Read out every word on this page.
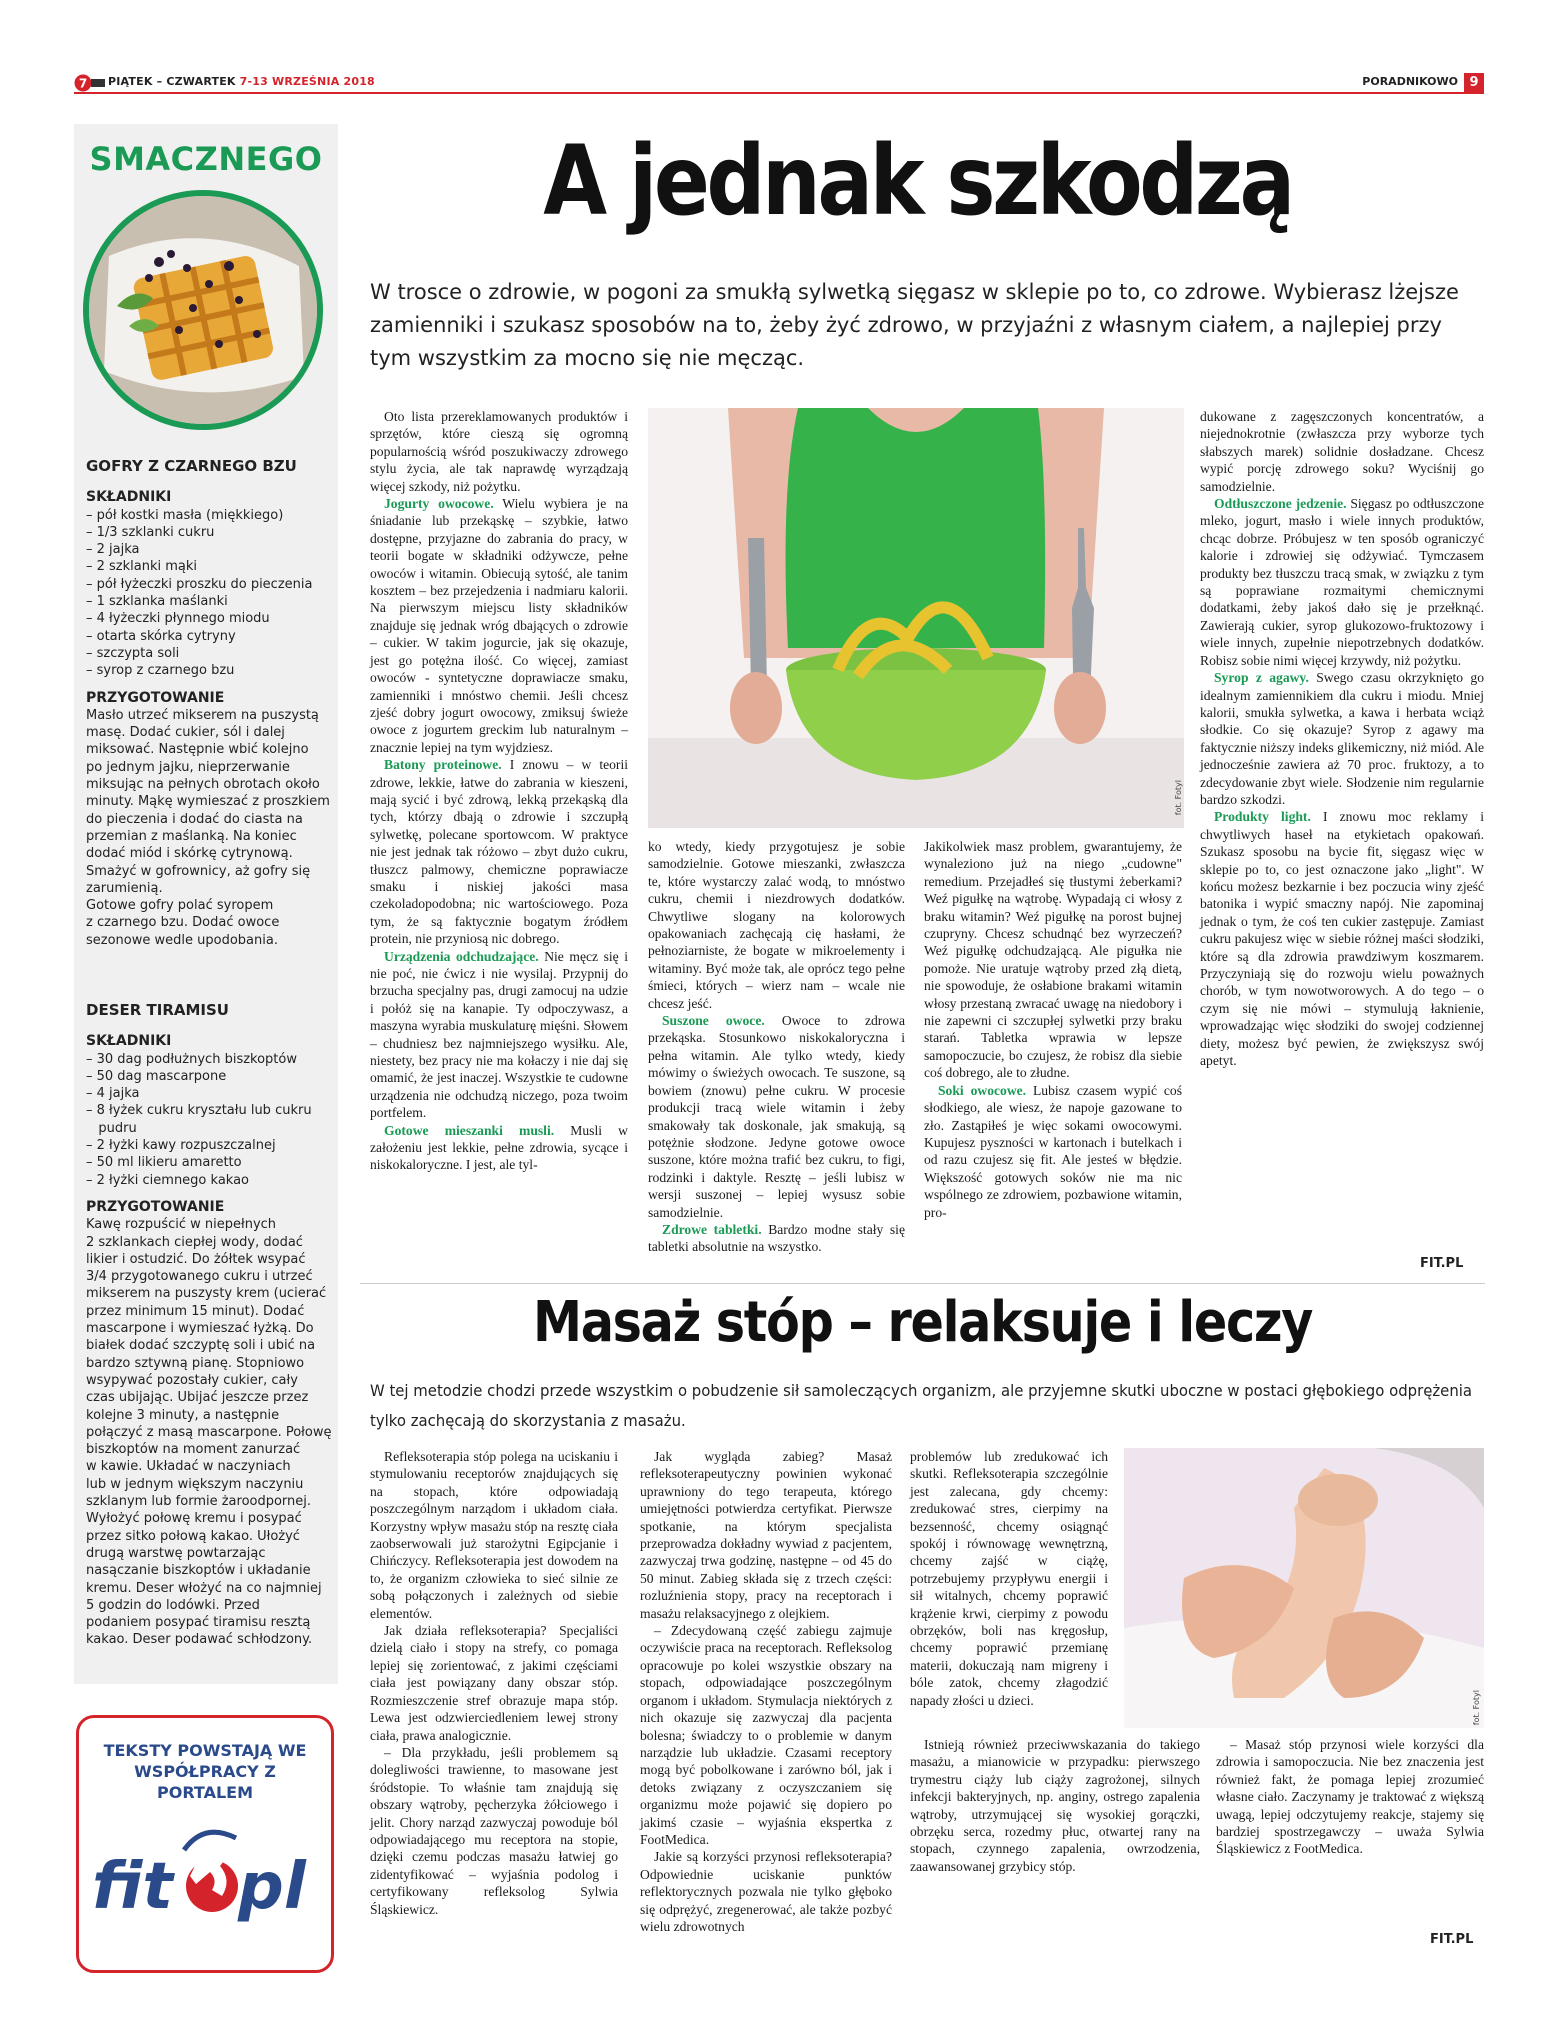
7 PIĄTEK – CZWARTEK 7-13 WRZEŚNIA 2018	PORADNIKOWO 9
SMACZNEGO
GOFRY Z CZARNEGO BZU
SKŁADNIKI

– pół kostki masła (miękkiego)

– 1/3 szklanki cukru

– 2 jajka

– 2 szklanki mąki

– pół łyżeczki proszku do pieczenia

– 1 szklanka maślanki

– 4 łyżeczki płynnego miodu

– otarta skórka cytryny

– szczypta soli

– syrop z czarnego bzu

PRZYGOTOWANIE

Masło utrzeć mikserem na puszystą

masę. Dodać cukier, sól i dalej

miksować. Następnie wbić kolejno

po jednym jajku, nieprzerwanie

miksując na pełnych obrotach około

minuty. Mąkę wymieszać z proszkiem

do pieczenia i dodać do ciasta na

przemian z maślanką. Na koniec

dodać miód i skórkę cytrynową.

Smażyć w gofrownicy, aż gofry się

zarumienią.

Gotowe gofry polać syropem

z czarnego bzu. Dodać owoce

sezonowe wedle upodobania.

DESER TIRAMISU
SKŁADNIKI

– 30 dag podłużnych biszkoptów

– 50 dag mascarpone

– 4 jajka

– 8 łyżek cukru kryształu lub cukru

pudru

– 2 łyżki kawy rozpuszczalnej

– 50 ml likieru amaretto

– 2 łyżki ciemnego kakao

PRZYGOTOWANIE

Kawę rozpuścić w niepełnych

2 szklankach ciepłej wody, dodać

likier i ostudzić. Do żółtek wsypać

3/4 przygotowanego cukru i utrzeć

mikserem na puszysty krem (ucierać

przez minimum 15 minut). Dodać

mascarpone i wymieszać łyżką. Do

białek dodać szczyptę soli i ubić na

bardzo sztywną pianę. Stopniowo

wsypywać pozostały cukier, cały

czas ubijając. Ubijać jeszcze przez

kolejne 3 minuty, a następnie

połączyć z masą mascarpone. Połowę

biszkoptów na moment zanurzać

w kawie. Układać w naczyniach

lub w jednym większym naczyniu

szklanym lub formie żaroodpornej.

Wyłożyć połowę kremu i posypać

przez sitko połową kakao. Ułożyć

drugą warstwę powtarzając

nasączanie biszkoptów i układanie

kremu. Deser włożyć na co najmniej

5 godzin do lodówki. Przed

podaniem posypać tiramisu resztą

kakao. Deser podawać schłodzony.

TEKSTY POWSTAJĄ WE
WSPÓŁPRACY Z PORTALEM
fit pl
A jednak szkodzą
W trosce o zdrowie, w pogoni za smukłą sylwetką sięgasz w sklepie po to, co zdrowe. Wybierasz lżejsze zamienniki i szukasz sposobów na to, żeby żyć zdrowo, w przyjaźni z własnym ciałem, a najlepiej przy tym wszystkim za mocno się nie męcząc.

Oto lista przereklamowanych produktów i sprzętów, które cieszą się ogromną popularnością wśród poszukiwaczy zdrowego stylu życia, ale tak naprawdę wyrządzają więcej szkody, niż pożytku.

Jogurty owocowe. Wielu wybiera je na śniadanie lub przekąskę – szybkie, łatwo dostępne, przyjazne do zabrania do pracy, w teorii bogate w składniki odżywcze, pełne owoców i witamin. Obiecują sytość, ale tanim kosztem – bez przejedzenia i nadmiaru kalorii. Na pierwszym miejscu listy składników znajduje się jednak wróg dbających o zdrowie – cukier. W takim jogurcie, jak się okazuje, jest go potężna ilość. Co więcej, zamiast owoców - syntetyczne doprawiacze smaku, zamienniki i mnóstwo chemii. Jeśli chcesz zjeść dobry jogurt owocowy, zmiksuj świeże owoce z jogurtem greckim lub naturalnym – znacznie lepiej na tym wyjdziesz.

Batony proteinowe. I znowu – w teorii zdrowe, lekkie, łatwe do zabrania w kieszeni, mają sycić i być zdrową, lekką przekąską dla tych, którzy dbają o zdrowie i szczupłą sylwetkę, polecane sportowcom. W praktyce nie jest jednak tak różowo – zbyt dużo cukru, tłuszcz palmowy, chemiczne poprawiacze smaku i niskiej jakości masa czekoladopodobna; nic wartościowego. Poza tym, że są faktycznie bogatym źródłem protein, nie przyniosą nic dobrego.

Urządzenia odchudzające. Nie męcz się i nie poć, nie ćwicz i nie wysilaj. Przypnij do brzucha specjalny pas, drugi zamocuj na udzie i połóż się na kanapie. Ty odpoczywasz, a maszyna wyrabia muskulaturę mięśni. Słowem – chudniesz bez najmniejszego wysiłku. Ale, niestety, bez pracy nie ma kołaczy i nie daj się omamić, że jest inaczej. Wszystkie te cudowne urządzenia nie odchudzą niczego, poza twoim portfelem.

Gotowe mieszanki musli. Musli w założeniu jest lekkie, pełne zdrowia, sycące i niskokaloryczne. I jest, ale tyl-

fot. Fotyl

ko wtedy, kiedy przygotujesz je sobie samodzielnie. Gotowe mieszanki, zwłaszcza te, które wystarczy zalać wodą, to mnóstwo cukru, chemii i niezdrowych dodatków. Chwytliwe slogany na kolorowych opakowaniach zachęcają cię hasłami, że pełnoziarniste, że bogate w mikroelementy i witaminy. Być może tak, ale oprócz tego pełne śmieci, których – wierz nam – wcale nie chcesz jeść.

Suszone owoce. Owoce to zdrowa przekąska. Stosunkowo niskokaloryczna i pełna witamin. Ale tylko wtedy, kiedy mówimy o świeżych owocach. Te suszone, są bowiem (znowu) pełne cukru. W procesie produkcji tracą wiele witamin i żeby smakowały tak doskonale, jak smakują, są potężnie słodzone. Jedyne gotowe owoce suszone, które można trafić bez cukru, to figi, rodzinki i daktyle. Resztę – jeśli lubisz w wersji suszonej – lepiej wysusz sobie samodzielnie.

Zdrowe tabletki. Bardzo modne stały się tabletki absolutnie na wszystko.

Jakikolwiek masz problem, gwarantujemy, że wynaleziono już na niego „cudowne" remedium. Przejadłeś się tłustymi żeberkami? Weź pigułkę na wątrobę. Wypadają ci włosy z braku witamin? Weź pigułkę na porost bujnej czupryny. Chcesz schudnąć bez wyrzeczeń? Weź pigułkę odchudzającą. Ale pigułka nie pomoże. Nie uratuje wątroby przed złą dietą, nie spowoduje, że osłabione brakami witamin włosy przestaną zwracać uwagę na niedobory i nie zapewni ci szczupłej sylwetki przy braku starań. Tabletka wprawia w lepsze samopoczucie, bo czujesz, że robisz dla siebie coś dobrego, ale to złudne.

Soki owocowe. Lubisz czasem wypić coś słodkiego, ale wiesz, że napoje gazowane to zło. Zastąpiłeś je więc sokami owocowymi. Kupujesz pyszności w kartonach i butelkach i od razu czujesz się fit. Ale jesteś w błędzie. Większość gotowych soków nie ma nic wspólnego ze zdrowiem, pozbawione witamin, pro-

dukowane z zagęszczonych koncentratów, a niejednokrotnie (zwłaszcza przy wyborze tych słabszych marek) solidnie dosładzane. Chcesz wypić porcję zdrowego soku? Wyciśnij go samodzielnie.

Odtłuszczone jedzenie. Sięgasz po odtłuszczone mleko, jogurt, masło i wiele innych produktów, chcąc dobrze. Próbujesz w ten sposób ograniczyć kalorie i zdrowiej się odżywiać. Tymczasem produkty bez tłuszczu tracą smak, w związku z tym są poprawiane rozmaitymi chemicznymi dodatkami, żeby jakoś dało się je przełknąć. Zawierają cukier, syrop glukozowo-fruktozowy i wiele innych, zupełnie niepotrzebnych dodatków. Robisz sobie nimi więcej krzywdy, niż pożytku.

Syrop z agawy. Swego czasu okrzyknięto go idealnym zamiennikiem dla cukru i miodu. Mniej kalorii, smukła sylwetka, a kawa i herbata wciąż słodkie. Co się okazuje? Syrop z agawy ma faktycznie niższy indeks glikemiczny, niż miód. Ale jednocześnie zawiera aż 70 proc. fruktozy, a to zdecydowanie zbyt wiele. Słodzenie nim regularnie bardzo szkodzi.

Produkty light. I znowu moc reklamy i chwytliwych haseł na etykietach opakowań. Szukasz sposobu na bycie fit, sięgasz więc w sklepie po to, co jest oznaczone jako „light". W końcu możesz bezkarnie i bez poczucia winy zjeść batonika i wypić smaczny napój. Nie zapominaj jednak o tym, że coś ten cukier zastępuje. Zamiast cukru pakujesz więc w siebie różnej maści słodziki, które są dla zdrowia prawdziwym koszmarem. Przyczyniają się do rozwoju wielu poważnych chorób, w tym nowotworowych. A do tego – o czym się nie mówi – stymulują łaknienie, wprowadzając więc słodziki do swojej codziennej diety, możesz być pewien, że zwiększysz swój apetyt.

FIT.PL
Masaż stóp – relaksuje i leczy
W tej metodzie chodzi przede wszystkim o pobudzenie sił samoleczących organizm, ale przyjemne skutki uboczne w postaci głębokiego odprężenia tylko zachęcają do skorzystania z masażu.

Refleksoterapia stóp polega na uciskaniu i stymulowaniu receptorów znajdujących się na stopach, które odpowiadają poszczególnym narządom i układom ciała. Korzystny wpływ masażu stóp na resztę ciała zaobserwowali już starożytni Egipcjanie i Chińczycy. Refleksoterapia jest dowodem na to, że organizm człowieka to sieć silnie ze sobą połączonych i zależnych od siebie elementów.

Jak działa refleksoterapia? Specjaliści dzielą ciało i stopy na strefy, co pomaga lepiej się zorientować, z jakimi częściami ciała jest powiązany dany obszar stóp. Rozmieszczenie stref obrazuje mapa stóp. Lewa jest odzwierciedleniem lewej strony ciała, prawa analogicznie.

– Dla przykładu, jeśli problemem są dolegliwości trawienne, to masowane jest śródstopie. To właśnie tam znajdują się obszary wątroby, pęcherzyka żółciowego i jelit. Chory narząd zazwyczaj powoduje ból odpowiadającego mu receptora na stopie, dzięki czemu podczas masażu łatwiej go zidentyfikować – wyjaśnia podolog i certyfikowany refleksolog Sylwia Śląskiewicz.

Jak wygląda zabieg? Masaż refleksoterapeutyczny powinien wykonać uprawniony do tego terapeuta, którego umiejętności potwierdza certyfikat. Pierwsze spotkanie, na którym specjalista przeprowadza dokładny wywiad z pacjentem, zazwyczaj trwa godzinę, następne – od 45 do 50 minut. Zabieg składa się z trzech części: rozluźnienia stopy, pracy na receptorach i masażu relaksacyjnego z olejkiem.

– Zdecydowaną część zabiegu zajmuje oczywiście praca na receptorach. Refleksolog opracowuje po kolei wszystkie obszary na stopach, odpowiadające poszczególnym organom i układom. Stymulacja niektórych z nich okazuje się zazwyczaj dla pacjenta bolesna; świadczy to o problemie w danym narządzie lub układzie. Czasami receptory mogą być pobolkowane i zarówno ból, jak i detoks związany z oczyszczaniem się organizmu może pojawić się dopiero po jakimś czasie – wyjaśnia ekspertka z FootMedica.

Jakie są korzyści przynosi refleksoterapia? Odpowiednie uciskanie punktów reflektorycznych pozwala nie tylko głęboko się odprężyć, zregenerować, ale także pozbyć wielu zdrowotnych

problemów lub zredukować ich skutki. Refleksoterapia szczególnie jest zalecana, gdy chcemy: zredukować stres, cierpimy na bezsenność, chcemy osiągnąć spokój i równowagę wewnętrzną, chcemy zajść w ciążę, potrzebujemy przypływu energii i sił witalnych, chcemy poprawić krążenie krwi, cierpimy z powodu obrzęków, boli nas kręgosłup, chcemy poprawić przemianę materii, dokuczają nam migreny i bóle zatok, chcemy złagodzić napady złości u dzieci.	fot. Fotyl

Istnieją również przeciwwskazania do takiego masażu, a mianowicie w przypadku: pierwszego trymestru ciąży lub ciąży zagrożonej, silnych infekcji bakteryjnych, np. anginy, ostrego zapalenia wątroby, utrzymującej się wysokiej gorączki, obrzęku serca, rozedmy płuc, otwartej rany na stopach, czynnego zapalenia, owrzodzenia, zaawansowanej grzybicy stóp.

– Masaż stóp przynosi wiele korzyści dla zdrowia i samopoczucia. Nie bez znaczenia jest również fakt, że pomaga lepiej zrozumieć własne ciało. Zaczynamy je traktować z większą uwagą, lepiej odczytujemy reakcje, stajemy się bardziej spostrzegawczy – uważa Sylwia Śląskiewicz z FootMedica.

FIT.PL
